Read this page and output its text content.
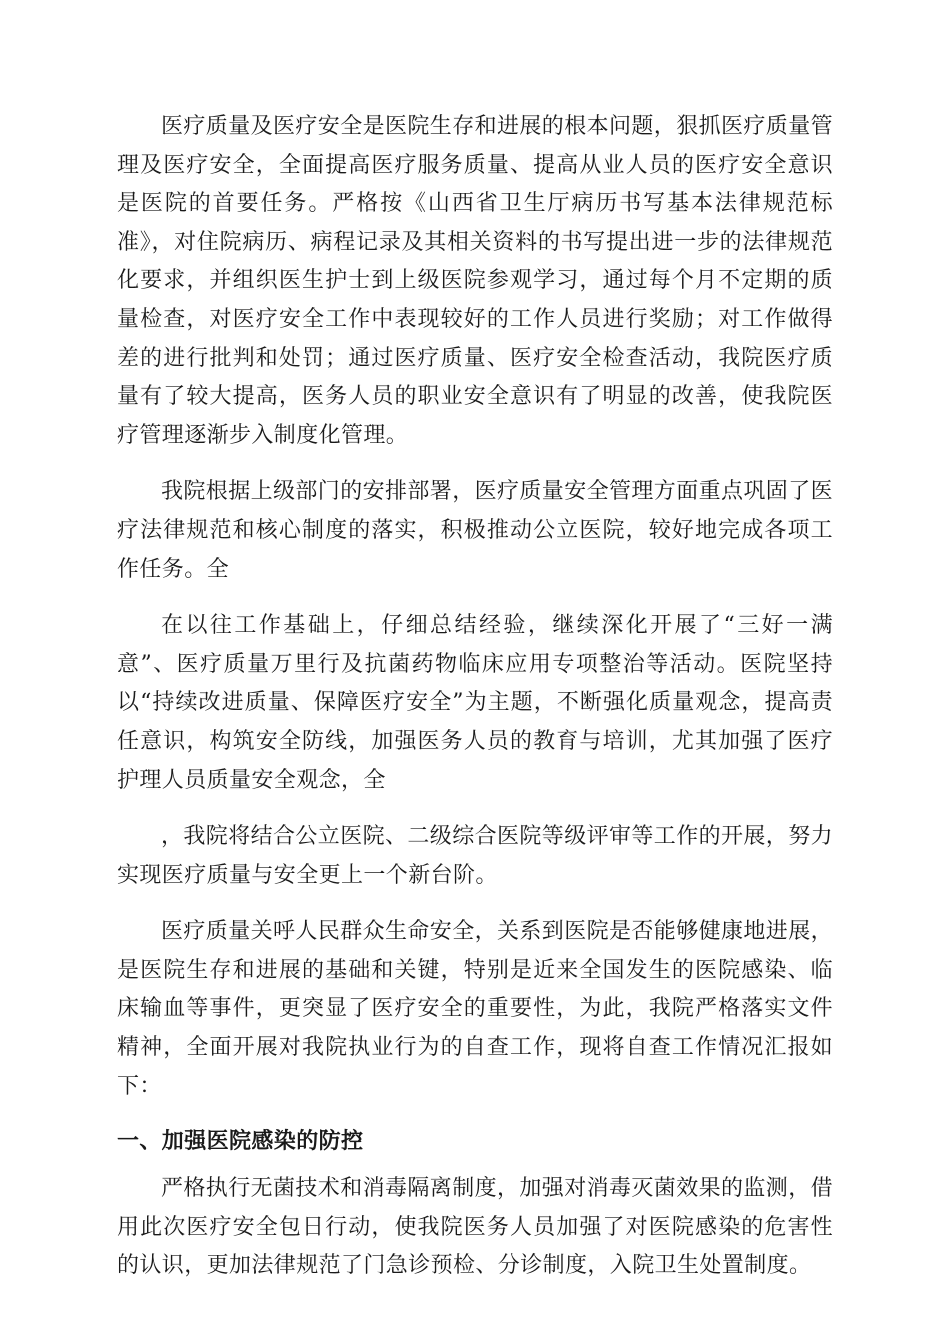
医疗质量及医疗安全是医院生存和进展的根本问题，狠抓医疗质量管理及医疗安全，全面提高医疗服务质量、提高从业人员的医疗安全意识是医院的首要任务。严格按《山西省卫生厅病历书写基本法律规范标准》，对住院病历、病程记录及其相关资料的书写提出进一步的法律规范化要求，并组织医生护士到上级医院参观学习，通过每个月不定期的质量检查，对医疗安全工作中表现较好的工作人员进行奖励；对工作做得差的进行批判和处罚；通过医疗质量、医疗安全检查活动，我院医疗质量有了较大提高，医务人员的职业安全意识有了明显的改善，使我院医疗管理逐渐步入制度化管理。

我院根据上级部门的安排部署，医疗质量安全管理方面重点巩固了医疗法律规范和核心制度的落实，积极推动公立医院，较好地完成各项工作任务。全

在以往工作基础上，仔细总结经验，继续深化开展了“三好一满意”、医疗质量万里行及抗菌药物临床应用专项整治等活动。医院坚持以“持续改进质量、保障医疗安全”为主题，不断强化质量观念，提高责任意识，构筑安全防线，加强医务人员的教育与培训，尤其加强了医疗护理人员质量安全观念，全

，我院将结合公立医院、二级综合医院等级评审等工作的开展，努力实现医疗质量与安全更上一个新台阶。

医疗质量关呼人民群众生命安全，关系到医院是否能够健康地进展，是医院生存和进展的基础和关键，特别是近来全国发生的医院感染、临床输血等事件，更突显了医疗安全的重要性，为此，我院严格落实文件精神，全面开展对我院执业行为的自查工作，现将自查工作情况汇报如下：

一、加强医院感染的防控

严格执行无菌技术和消毒隔离制度，加强对消毒灭菌效果的监测，借用此次医疗安全包日行动，使我院医务人员加强了对医院感染的危害性的认识，更加法律规范了门急诊预检、分诊制度，入院卫生处置制度。
